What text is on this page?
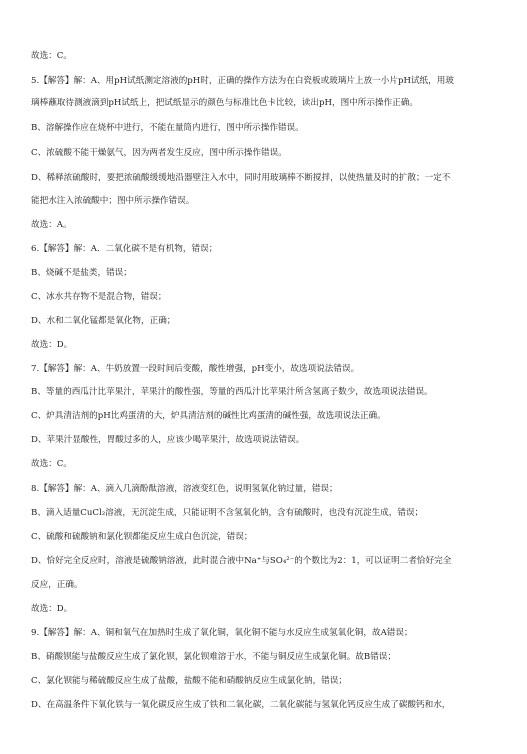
故选：C。
5.【解答】解：A、用pH试纸测定溶液的pH时，正确的操作方法为在白瓷板或玻璃片上放一小片pH试纸，用玻
璃棒蘸取待测液滴到pH试纸上，把试纸显示的颜色与标准比色卡比较，读出pH，图中所示操作正确。
B、溶解操作应在烧杯中进行，不能在量筒内进行，图中所示操作错误。
C、浓硫酸不能干燥氨气，因为两者发生反应，图中所示操作错误。
D、稀释浓硫酸时，要把浓硫酸缓缓地沿器壁注入水中，同时用玻璃棒不断搅拌，以使热量及时的扩散；一定不
能把水注入浓硫酸中；图中所示操作错误。
故选：A。
6.【解答】解：A．二氧化碳不是有机物，错误；
B、烧碱不是盐类，错误；
C、冰水共存物不是混合物，错误；
D、水和二氧化锰都是氧化物，正确；
故选：D。
7.【解答】解：A、牛奶放置一段时间后变酸，酸性增强，pH变小，故选项说法错误。
B、等量的西瓜汁比苹果汁，苹果汁的酸性强，等量的西瓜汁比苹果汁所含氢离子数少，故选项说法错误。
C、炉具清洁剂的pH比鸡蛋清的大，炉具清洁剂的碱性比鸡蛋清的碱性强，故选项说法正确。
D、苹果汁显酸性，胃酸过多的人，应该少喝苹果汁，故选项说法错误。
故选：C。
8.【解答】解：A、滴入几滴酚酞溶液，溶液变红色，说明氢氧化钠过量，错误；
B、滴入适量CuCl₂溶液，无沉淀生成，只能证明不含氢氧化钠，含有硫酸时，也没有沉淀生成，错误；
C、硫酸和硫酸钠和氯化钡都能反应生成白色沉淀，错误；
D、恰好完全反应时，溶液是硫酸钠溶液，此时混合液中Na⁺与SO₄²⁻的个数比为2：1，可以证明二者恰好完全
反应，正确。
故选：D。
9.【解答】解：A、铜和氧气在加热时生成了氧化铜，氧化铜不能与水反应生成氢氧化铜，故A错误；
B、硝酸钡能与盐酸反应生成了氯化钡，氯化钡难溶于水，不能与铜反应生成氯化铜。故B错误；
C、氯化钡能与稀硫酸反应生成了盐酸，盐酸不能和硝酸钠反应生成氯化钠，错误；
D、在高温条件下氧化铁与一氧化碳反应生成了铁和二氧化碳，二氧化碳能与氢氧化钙反应生成了碳酸钙和水，
